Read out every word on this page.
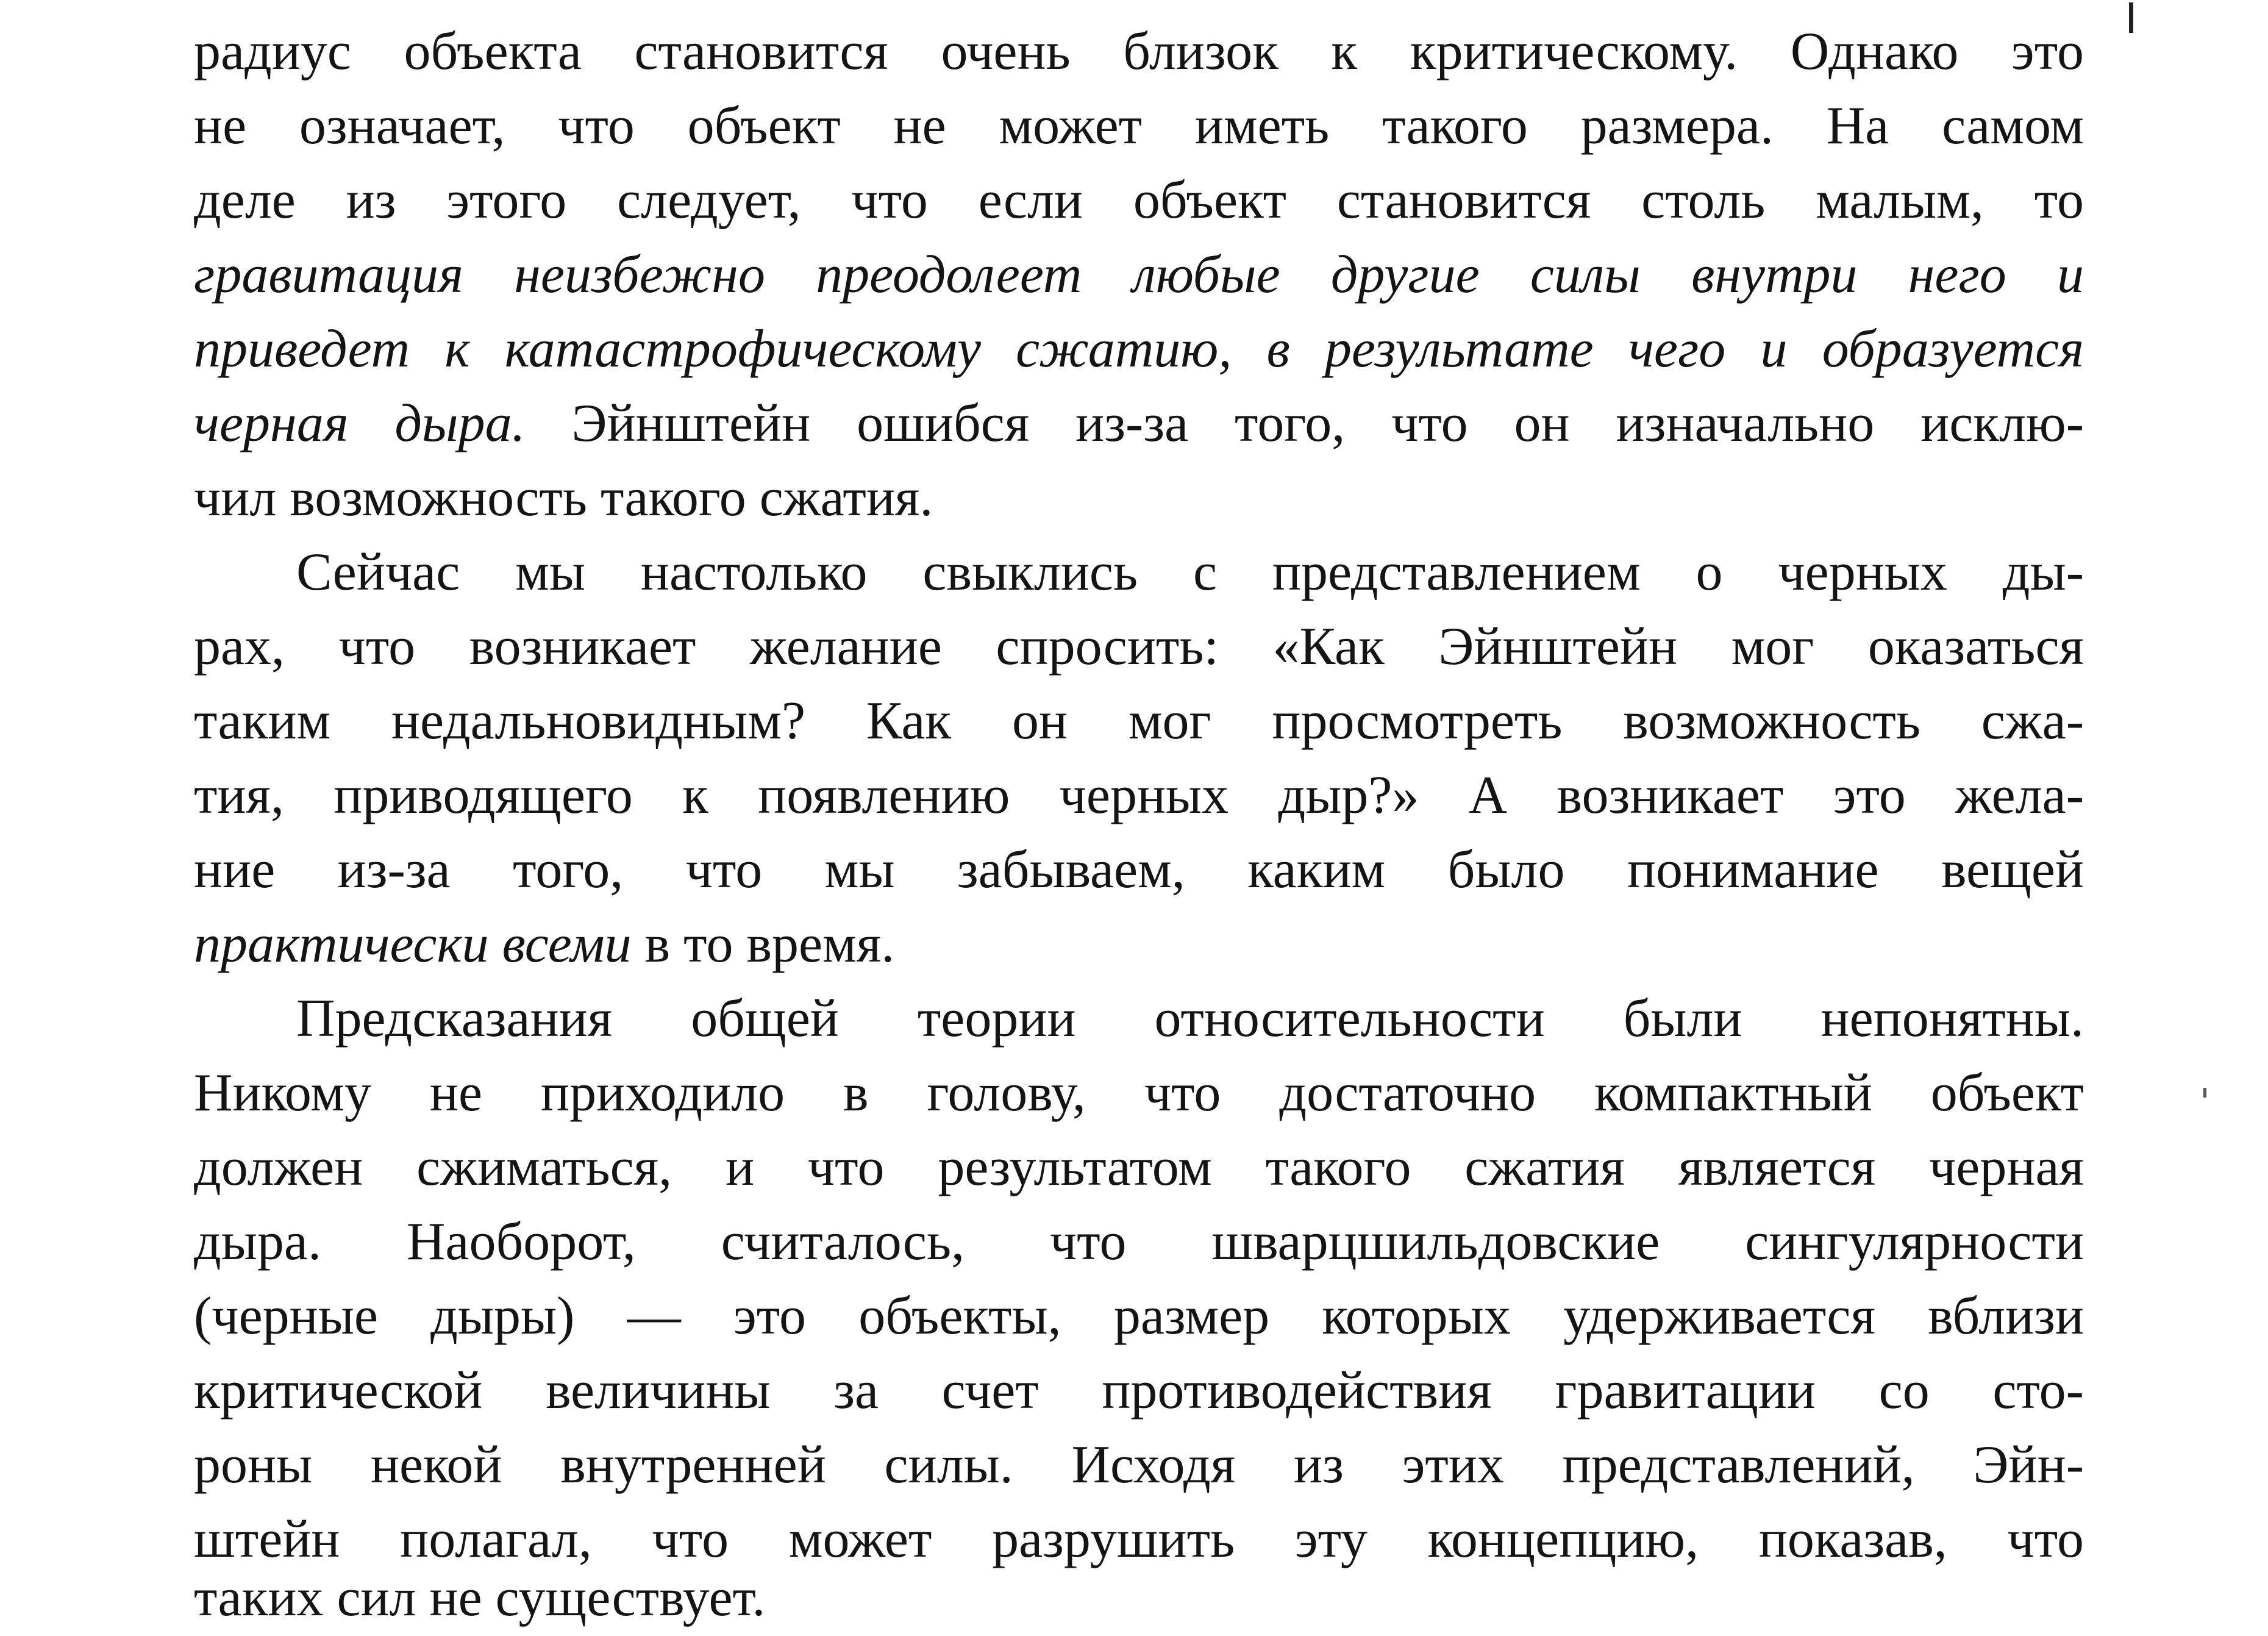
радиус объекта становится очень близок к критическому. Однако это
не означает, что объект не может иметь такого размера. На самом
деле из этого следует, что если объект становится столь малым, то
гравитация неизбежно преодолеет любые другие силы внутри него и
приведет к катастрофическому сжатию, в результате чего и образуется
черная дыра. Эйнштейн ошибся из-за того, что он изначально исклю-
чил возможность такого сжатия.
Сейчас мы настолько свыклись с представлением о черных ды-
рах, что возникает желание спросить: «Как Эйнштейн мог оказаться
таким недальновидным? Как он мог просмотреть возможность сжа-
тия, приводящего к появлению черных дыр?» А возникает это жела-
ние из-за того, что мы забываем, каким было понимание вещей
практически всеми в то время.
Предсказания общей теории относительности были непонятны.
Никому не приходило в голову, что достаточно компактный объект
должен сжиматься, и что результатом такого сжатия является черная
дыра. Наоборот, считалось, что шварцшильдовские сингулярности
(черные дыры) — это объекты, размер которых удерживается вблизи
критической величины за счет противодействия гравитации со сто-
роны некой внутренней силы. Исходя из этих представлений, Эйн-
штейн полагал, что может разрушить эту концепцию, показав, что
таких сил не существует.
